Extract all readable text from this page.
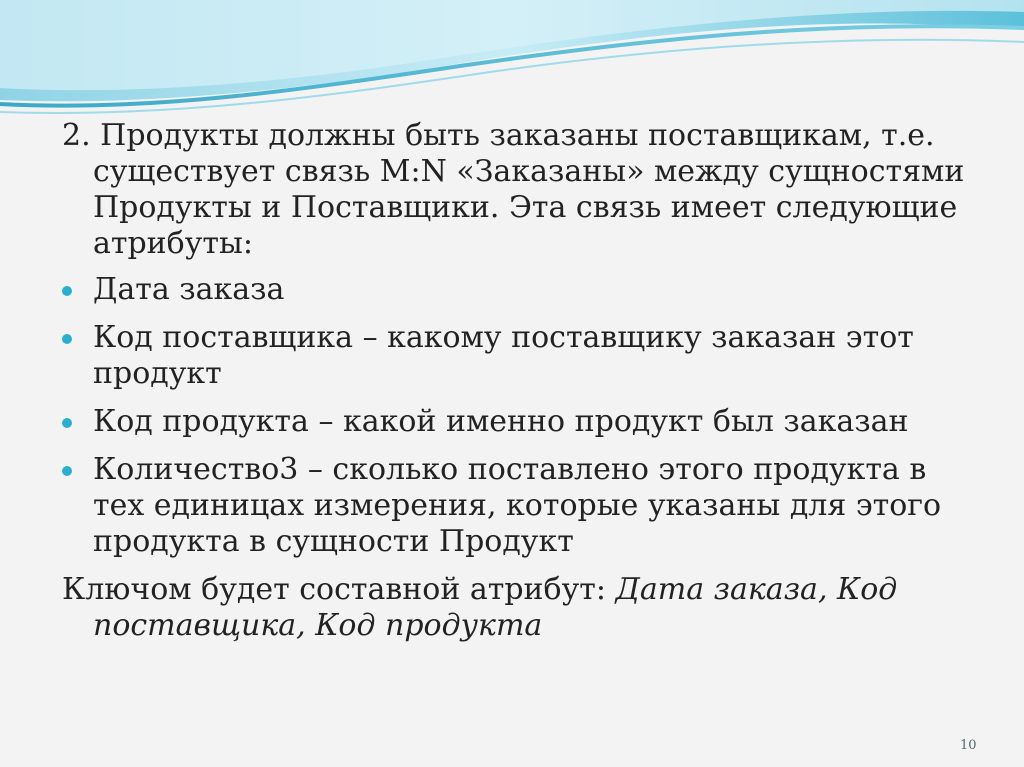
2. Продукты должны быть заказаны поставщикам, т.е. существует связь M:N «Заказаны» между сущностями Продукты и Поставщики. Эта связь имеет следующие атрибуты:

Дата заказа
Код поставщика – какому поставщику заказан этот продукт
Код продукта – какой именно продукт был заказан
Количество3 – сколько поставлено этого продукта в тех единицах измерения, которые указаны для этого продукта в сущности Продукт

Ключом будет составной атрибут: Дата заказа, Код поставщика, Код продукта

10
